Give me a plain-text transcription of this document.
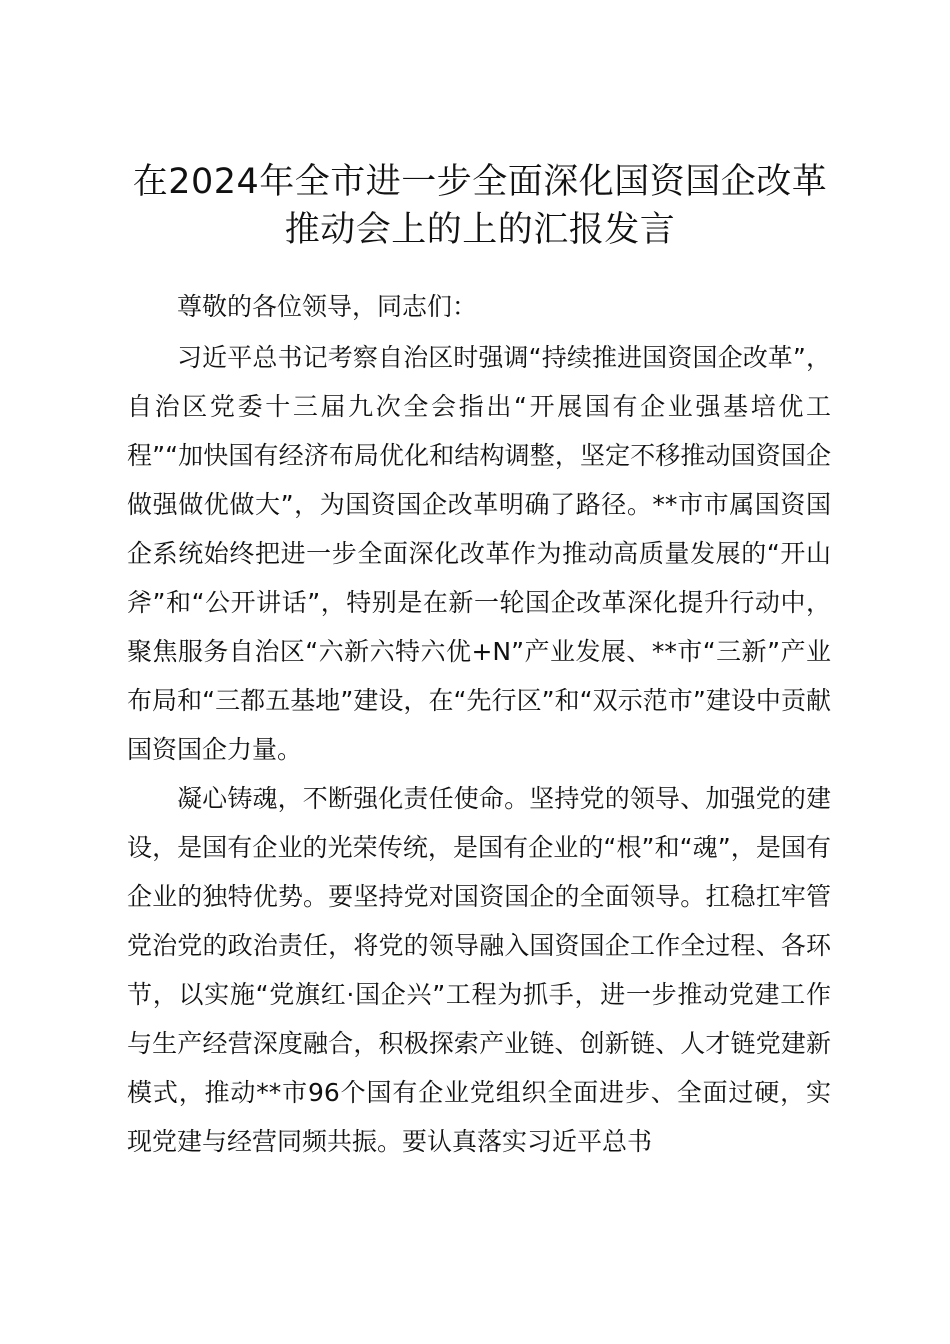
在2024年全市进一步全面深化国资国企改革
推动会上的上的汇报发言

尊敬的各位领导，同志们：

习近平总书记考察自治区时强调“持续推进国资国企改革”，自治区党委十三届九次全会指出“开展国有企业强基培优工程”“加快国有经济布局优化和结构调整，坚定不移推动国资国企做强做优做大”，为国资国企改革明确了路径。**市市属国资国企系统始终把进一步全面深化改革作为推动高质量发展的“开山斧”和“公开讲话”，特别是在新一轮国企改革深化提升行动中，聚焦服务自治区“六新六特六优+N”产业发展、**市“三新”产业布局和“三都五基地”建设，在“先行区”和“双示范市”建设中贡献国资国企力量。

凝心铸魂，不断强化责任使命。坚持党的领导、加强党的建设，是国有企业的光荣传统，是国有企业的“根”和“魂”，是国有企业的独特优势。要坚持党对国资国企的全面领导。扛稳扛牢管党治党的政治责任，将党的领导融入国资国企工作全过程、各环节，以实施“党旗红·国企兴”工程为抓手，进一步推动党建工作与生产经营深度融合，积极探索产业链、创新链、人才链党建新模式，推动**市96个国有企业党组织全面进步、全面过硬，实现党建与经营同频共振。要认真落实习近平总书
